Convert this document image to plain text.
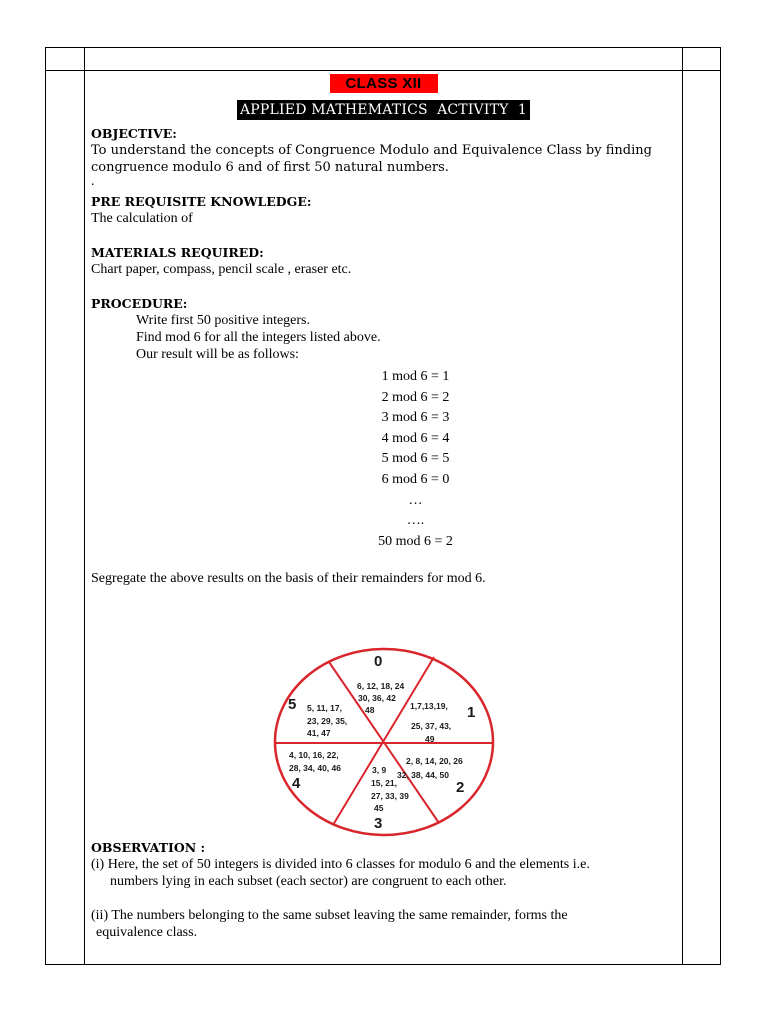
CLASS XII
APPLIED MATHEMATICS  ACTIVITY  1
OBJECTIVE:
To understand the concepts of Congruence Modulo and Equivalence Class by finding congruence modulo 6 and of first 50 natural numbers.
.
PRE REQUISITE KNOWLEDGE:
The calculation of
MATERIALS REQUIRED:
Chart paper, compass, pencil scale , eraser etc.
PROCEDURE:
Write first 50 positive integers.
Find mod 6 for all the integers listed above.
Our result will be as follows:
1 mod 6 = 1
2 mod 6 = 2
3 mod 6 = 3
4 mod 6 = 4
5 mod 6 = 5
6 mod 6 = 0
…
….
50 mod 6 = 2
Segregate the above results on the basis of their remainders for mod 6.
0
6, 12, 18, 24 30, 36, 42 48	1
1,7,13,19, 25, 37, 43, 49
2
2, 8, 14, 20, 26 32, 38, 44, 50
3
3, 9 15, 21, 27, 33, 39 45
4
4, 10, 16, 22, 28, 34, 40, 46
5 5, 11, 17, 23, 29, 35, 41, 47
OBSERVATION :
(i) Here, the set of 50 integers is divided into 6 classes for modulo 6 and the elements i.e.
numbers lying in each subset (each sector) are congruent to each other.
(ii) The numbers belonging to the same subset leaving the same remainder, forms the
equivalence class.
